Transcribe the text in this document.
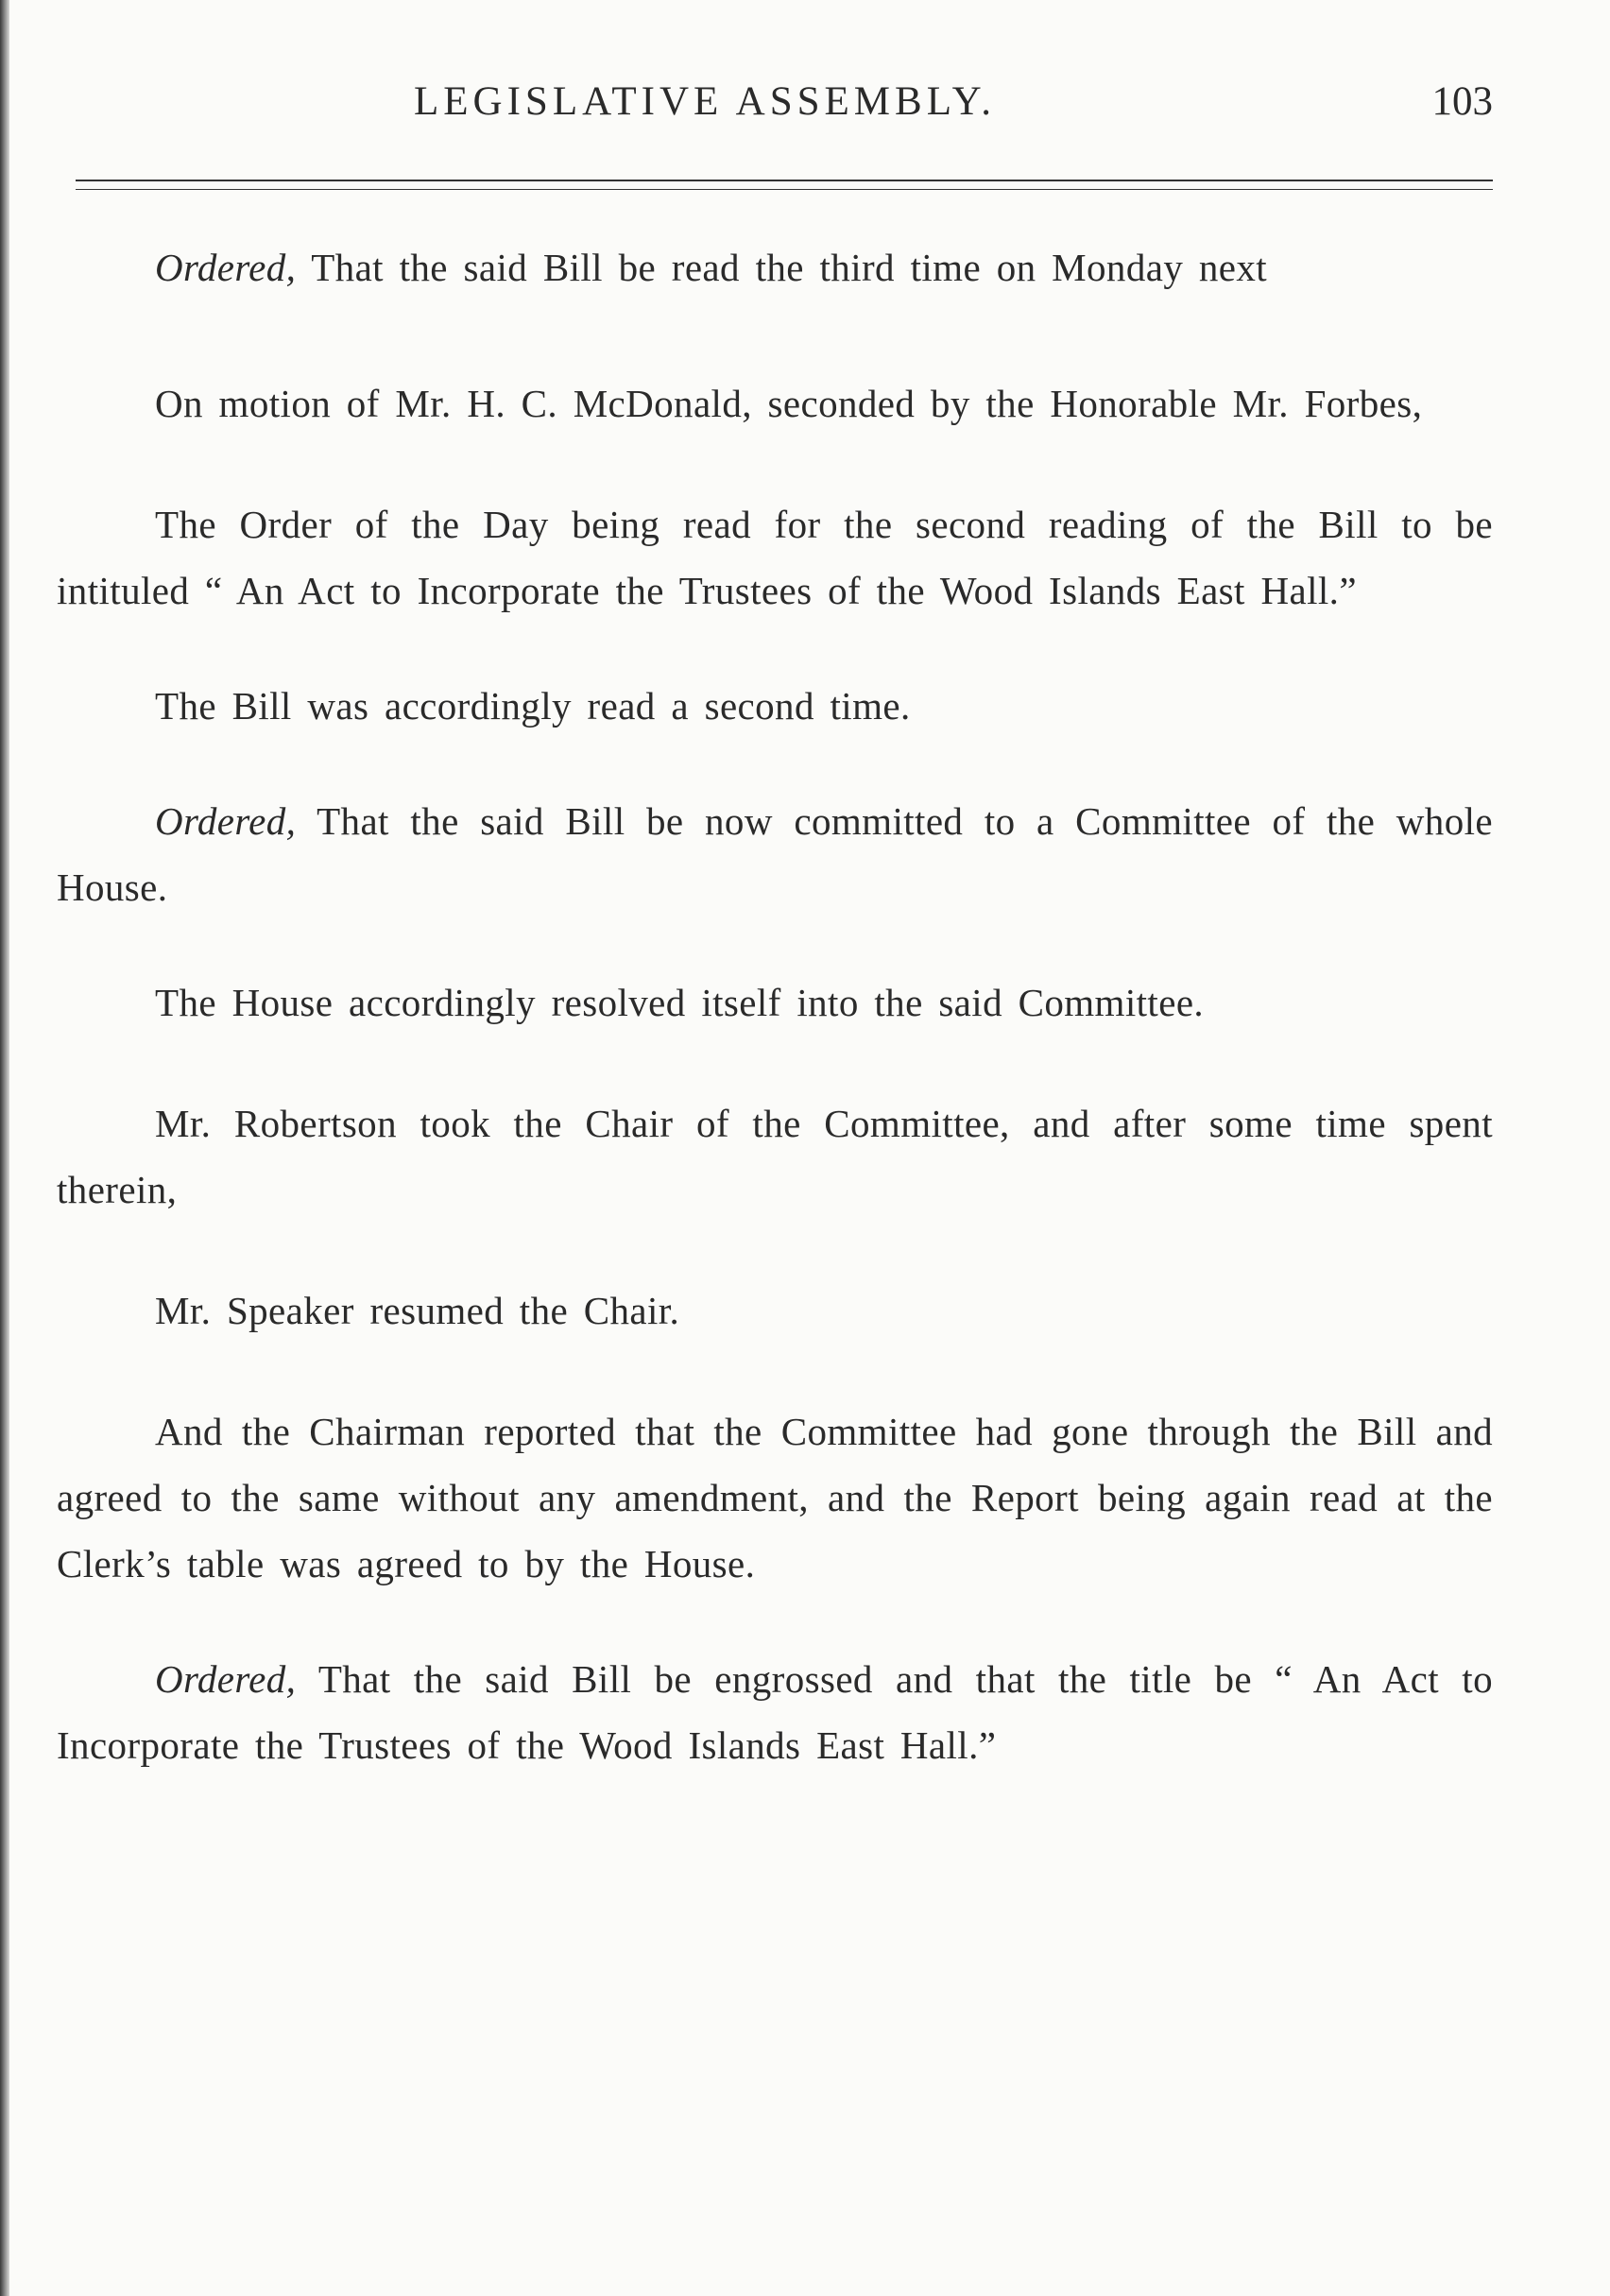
LEGISLATIVE ASSEMBLY.	103

Ordered, That the said Bill be read the third time on Monday next

On motion of Mr. H. C. McDonald, seconded by the Honorable Mr. Forbes,

The Order of the Day being read for the second reading of the Bill to be intituled “ An Act to Incorporate the Trustees of the Wood Islands East Hall.”

The Bill was accordingly read a second time.

Ordered, That the said Bill be now committed to a Committee of the whole House.

The House accordingly resolved itself into the said Committee.

Mr. Robertson took the Chair of the Committee, and after some time spent therein,

Mr. Speaker resumed the Chair.

And the Chairman reported that the Committee had gone through the Bill and agreed to the same without any amendment, and the Report being again read at the Clerk’s table was agreed to by the House.

Ordered, That the said Bill be engrossed and that the title be “ An Act to Incorporate the Trustees of the Wood Islands East Hall.”
